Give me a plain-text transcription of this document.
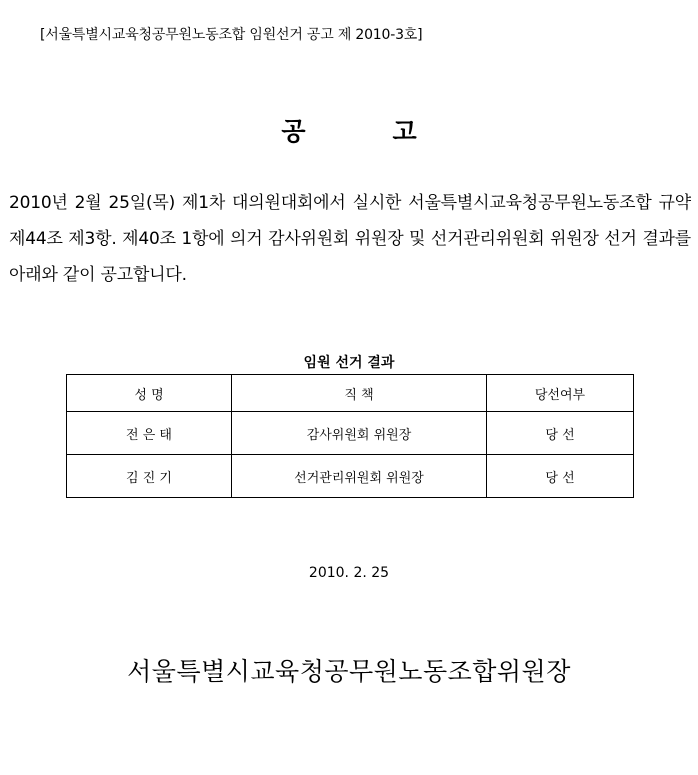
[서울특별시교육청공무원노동조합 임원선거 공고 제 2010-3호]
공          고
2010년 2월 25일(목) 제1차 대의원대회에서 실시한 서울특별시교육청공무원노동조합 규약 제44조 제3항. 제40조 1항에 의거 감사위원회 위원장 및 선거관리위원회 위원장 선거 결과를 아래와 같이 공고합니다.
임원 선거 결과
성 명	직 책	당선여부
전 은 태	감사위원회 위원장	당 선
김 진 기	선거관리위원회 위원장	당 선
2010. 2. 25
서울특별시교육청공무원노동조합위원장
